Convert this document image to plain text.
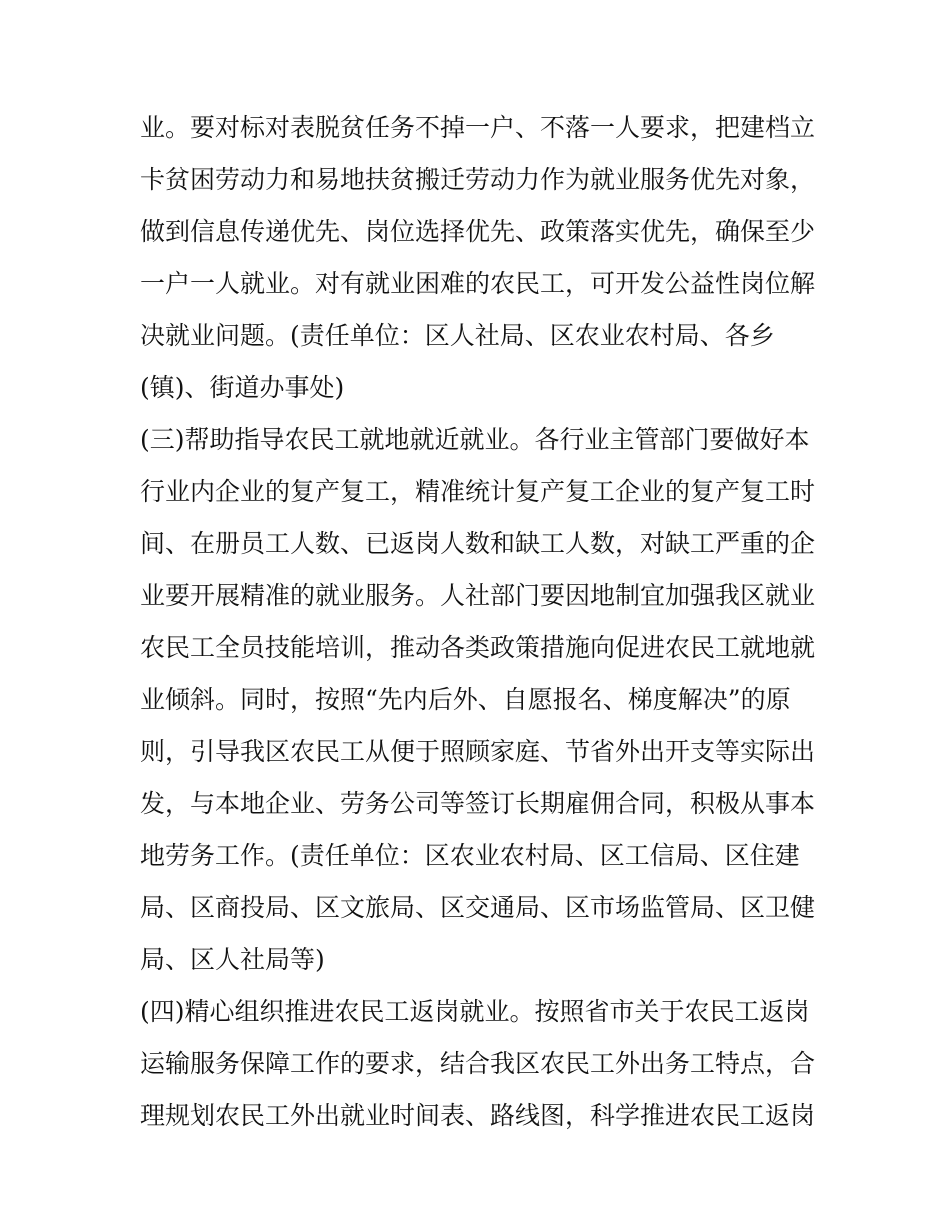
业。要对标对表脱贫任务不掉一户、不落一人要求，把建档立
卡贫困劳动力和易地扶贫搬迁劳动力作为就业服务优先对象，
做到信息传递优先、岗位选择优先、政策落实优先，确保至少
一户一人就业。对有就业困难的农民工，可开发公益性岗位解
决就业问题。(责任单位：区人社局、区农业农村局、各乡
(镇)、街道办事处)
(三)帮助指导农民工就地就近就业。各行业主管部门要做好本
行业内企业的复产复工，精准统计复产复工企业的复产复工时
间、在册员工人数、已返岗人数和缺工人数，对缺工严重的企
业要开展精准的就业服务。人社部门要因地制宜加强我区就业
农民工全员技能培训，推动各类政策措施向促进农民工就地就
业倾斜。同时，按照“先内后外、自愿报名、梯度解决”的原
则，引导我区农民工从便于照顾家庭、节省外出开支等实际出
发，与本地企业、劳务公司等签订长期雇佣合同，积极从事本
地劳务工作。(责任单位：区农业农村局、区工信局、区住建
局、区商投局、区文旅局、区交通局、区市场监管局、区卫健
局、区人社局等)
(四)精心组织推进农民工返岗就业。按照省市关于农民工返岗
运输服务保障工作的要求，结合我区农民工外出务工特点，合
理规划农民工外出就业时间表、路线图，科学推进农民工返岗
